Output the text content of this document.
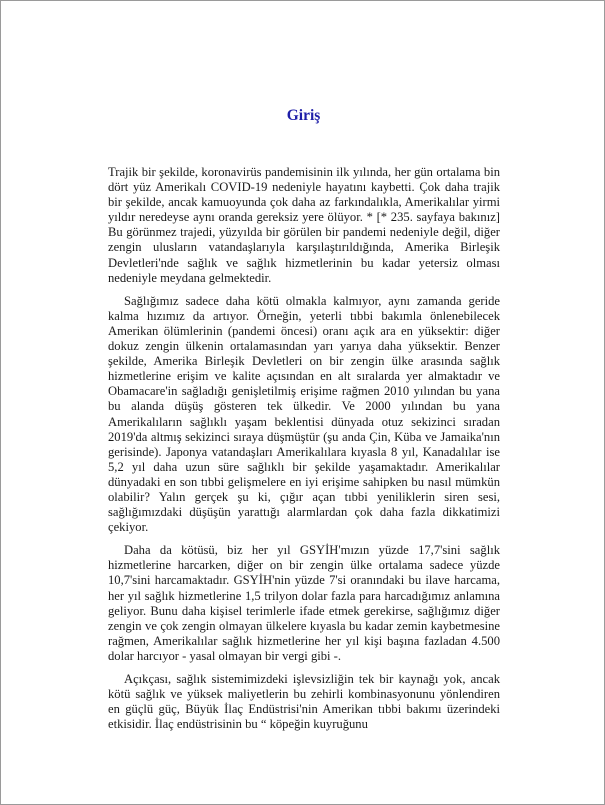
Giriş

Trajik bir şekilde, koronavirüs pandemisinin ilk yılında, her gün ortalama bin dört yüz Amerikalı COVID-19 nedeniyle hayatını kaybetti. Çok daha trajik bir şekilde, ancak kamuoyunda çok daha az farkındalıkla, Amerikalılar yirmi yıldır neredeyse aynı oranda gereksiz yere ölüyor. * [* 235. sayfaya bakınız] Bu görünmez trajedi, yüzyılda bir görülen bir pandemi nedeniyle değil, diğer zengin ulusların vatandaşlarıyla karşılaştırıldığında, Amerika Birleşik Devletleri'nde sağlık ve sağlık hizmetlerinin bu kadar yetersiz olması nedeniyle meydana gelmektedir.

Sağlığımız sadece daha kötü olmakla kalmıyor, aynı zamanda geride kalma hızımız da artıyor. Örneğin, yeterli tıbbi bakımla önlenebilecek Amerikan ölümlerinin (pandemi öncesi) oranı açık ara en yüksektir: diğer dokuz zengin ülkenin ortalamasından yarı yarıya daha yüksektir. Benzer şekilde, Amerika Birleşik Devletleri on bir zengin ülke arasında sağlık hizmetlerine erişim ve kalite açısından en alt sıralarda yer almaktadır ve Obamacare'in sağladığı genişletilmiş erişime rağmen 2010 yılından bu yana bu alanda düşüş gösteren tek ülkedir. Ve 2000 yılından bu yana Amerikalıların sağlıklı yaşam beklentisi dünyada otuz sekizinci sıradan 2019'da altmış sekizinci sıraya düşmüştür (şu anda Çin, Küba ve Jamaika'nın gerisinde). Japonya vatandaşları Amerikalılara kıyasla 8 yıl, Kanadalılar ise 5,2 yıl daha uzun süre sağlıklı bir şekilde yaşamaktadır. Amerikalılar dünyadaki en son tıbbi gelişmelere en iyi erişime sahipken bu nasıl mümkün olabilir? Yalın gerçek şu ki, çığır açan tıbbi yeniliklerin siren sesi, sağlığımızdaki düşüşün yarattığı alarmlardan çok daha fazla dikkatimizi çekiyor.

Daha da kötüsü, biz her yıl GSYİH'mızın yüzde 17,7'sini sağlık hizmetlerine harcarken, diğer on bir zengin ülke ortalama sadece yüzde 10,7'sini harcamaktadır. GSYİH'nin yüzde 7'si oranındaki bu ilave harcama, her yıl sağlık hizmetlerine 1,5 trilyon dolar fazla para harcadığımız anlamına geliyor. Bunu daha kişisel terimlerle ifade etmek gerekirse, sağlığımız diğer zengin ve çok zengin olmayan ülkelere kıyasla bu kadar zemin kaybetmesine rağmen, Amerikalılar sağlık hizmetlerine her yıl kişi başına fazladan 4.500 dolar harcıyor - yasal olmayan bir vergi gibi -.

Açıkçası, sağlık sistemimizdeki işlevsizliğin tek bir kaynağı yok, ancak kötü sağlık ve yüksek maliyetlerin bu zehirli kombinasyonunu yönlendiren en güçlü güç, Büyük İlaç Endüstrisi'nin Amerikan tıbbi bakımı üzerindeki etkisidir. İlaç endüstrisinin bu “ köpeğin kuyruğunu
